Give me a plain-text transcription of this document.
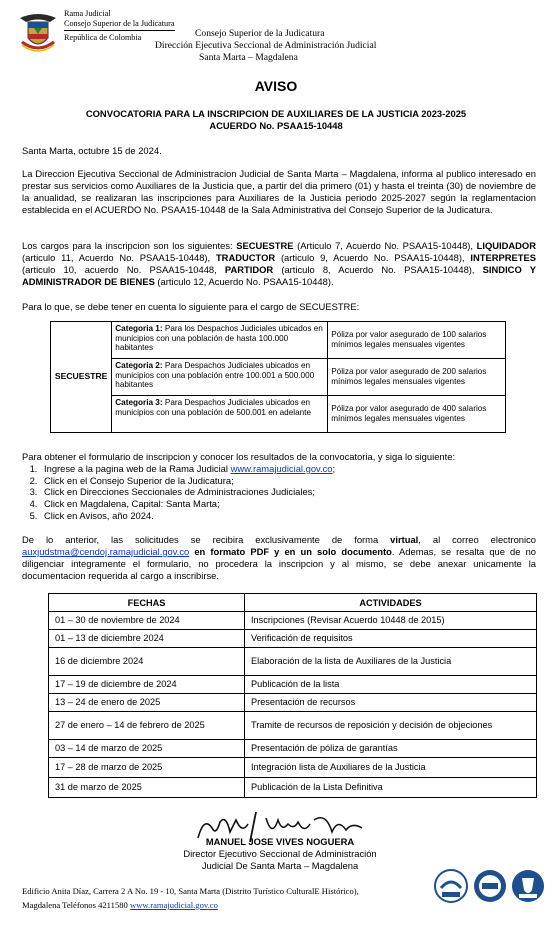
Rama Judicial
Consejo Superior de la Judicatura
República de Colombia	Consejo Superior de la Judicatura
Dirección Ejecutiva Seccional de Administración Judicial
Santa Marta – Magdalena
AVISO
CONVOCATORIA PARA LA INSCRIPCION DE AUXILIARES DE LA JUSTICIA 2023-2025
ACUERDO No. PSAA15-10448

Santa Marta, octubre 15 de 2024.

La Direccion Ejecutiva Seccional de Administracion Judicial de Santa Marta – Magdalena, informa al publico interesado en prestar sus servicios como Auxiliares de la Justicia que, a partir del dia primero (01) y hasta el treinta (30) de noviembre de la anualidad, se realizaran las inscripciones para Auxiliares de la Justicia periodo 2025-2027 según la reglamentacion establecida en el ACUERDO No. PSAA15-10448 de la Sala Administrativa del Consejo Superior de la Judicatura.

Los cargos para la inscripcion son los siguientes: SECUESTRE (Articulo 7, Acuerdo No. PSAA15-10448), LIQUIDADOR (articulo 11, Acuerdo No. PSAA15-10448), TRADUCTOR (articulo 9, Acuerdo No. PSAA15-10448), INTERPRETES (articulo 10, acuerdo No. PSAA15-10448, PARTIDOR (articulo 8, Acuerdo No. PSAA15-10448), SINDICO Y ADMINISTRADOR DE BIENES (articulo 12, Acuerdo No. PSAA15-10448).

Para lo que, se debe tener en cuenta lo siguiente para el cargo de SECUESTRE:

SECUESTRE	Categoria 1: Para los Despachos Judiciales ubicados en municipios con una población de hasta 100.000 habitantes	Póliza por valor asegurado de 100 salarios mínimos legales mensuales vigentes
	Categoria 2: Para Despachos Judiciales ubicados en municipios con una población entre 100.001 a 500.000 habitantes	Póliza por valor asegurado de 200 salarios mínimos legales mensuales vigentes
	Categoria 3: Para Despachos Judiciales ubicados en municipios con una población de 500.001 en adelante	Póliza por valor asegurado de 400 salarios mínimos legales mensuales vigentes

Para obtener el formulario de inscripcion y conocer los resultados de la convocatoria, y siga lo siguiente:

1. Ingrese a la pagina web de la Rama Judicial www.ramajudicial.gov.co;
2. Click en el Consejo Superior de la Judicatura;
3. Click en Direcciones Seccionales de Administraciones Judiciales;
4. Click en Magdalena, Capital: Santa Marta;
5. Click en Avisos, año 2024.

De lo anterior, las solicitudes se recibira exclusivamente de forma virtual, al correo electronico auxjudstma@cendoj.ramajudicial.gov.co en formato PDF y en un solo documento. Ademas, se resalta que de no diligenciar integramente el formulario, no procedera la inscripcion y al mismo, se debe anexar unicamente la documentacion requerida al cargo a inscribirse.

FECHAS	ACTIVIDADES
01 – 30 de noviembre de 2024	Inscripciones (Revisar Acuerdo 10448 de 2015)
01 – 13 de diciembre 2024	Verificación de requisitos
16 de diciembre 2024	Elaboración de la lista de Auxiliares de la Justicia
17 – 19 de diciembre de 2024	Publicación de la lista
13 – 24 de enero de 2025	Presentación de recursos
27 de enero – 14 de febrero de 2025	Tramite de recursos de reposición y decisión de objeciones
03 – 14 de marzo de 2025	Presentación de póliza de garantías
17 – 28 de marzo de 2025	Integración lista de Auxiliares de la Justicia
31 de marzo de 2025	Publicación de la Lista Definitiva
MANUEL JOSE VIVES NOGUERA
Director Ejecutivo Seccional de Administración
Judicial De Santa Marta – Magdalena
Edificio Anita Díaz, Carrera 2 A No. 19 - 10, Santa Marta (Distrito Turístico CulturalE Histórico),
Magdalena Teléfonos 4211580 www.ramajudicial.gov.co
